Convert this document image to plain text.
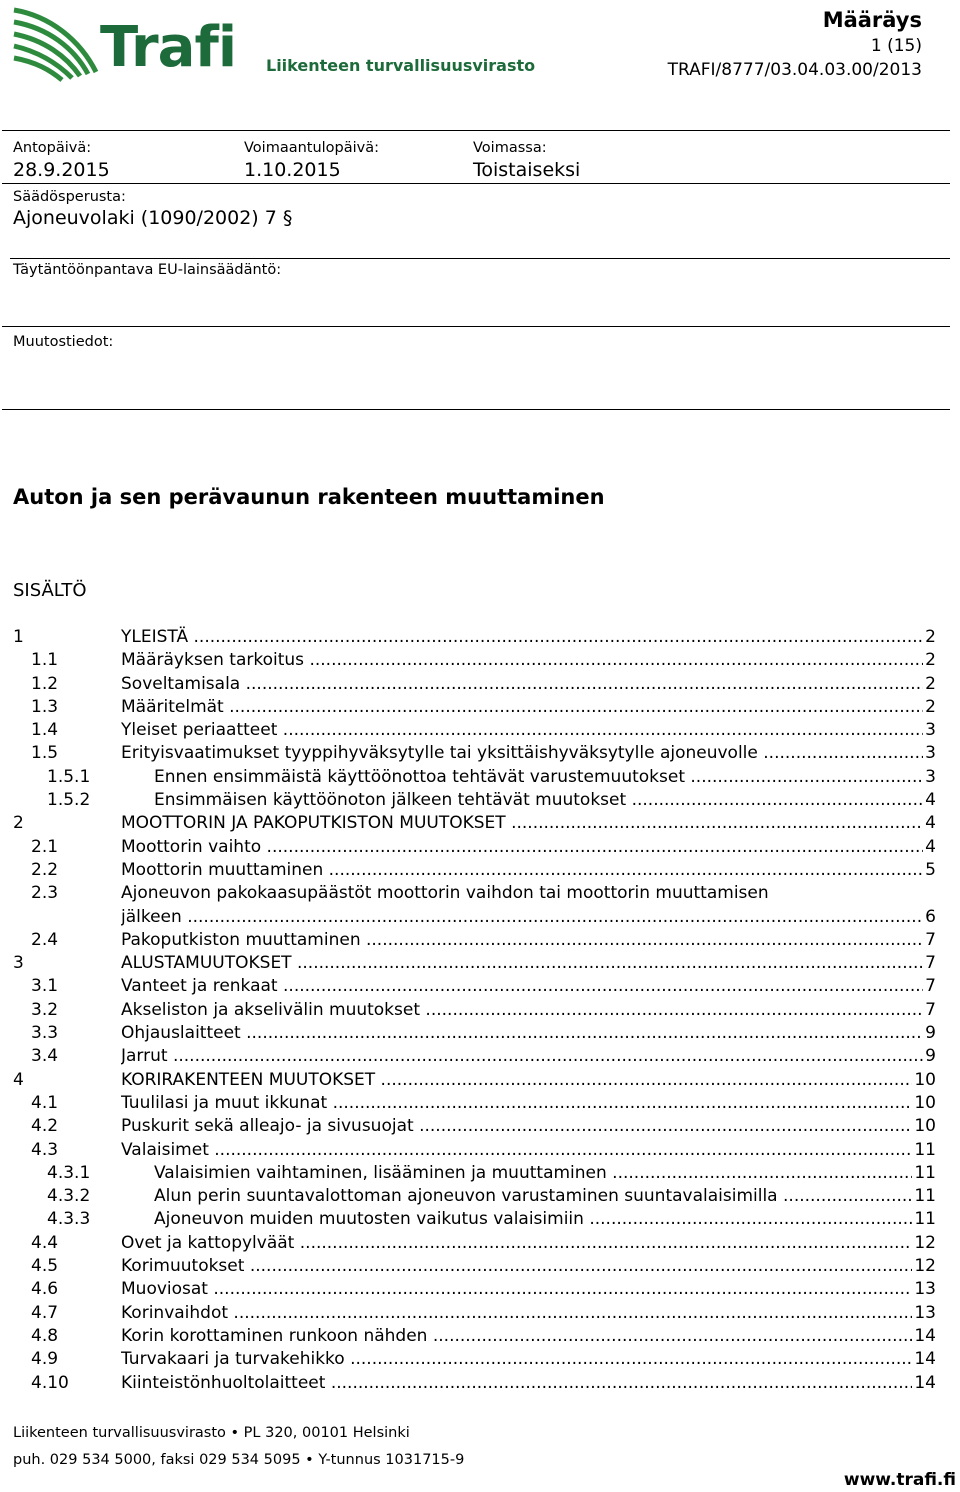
Trafi Liikenteen turvallisuusvirasto
Määräys
1 (15)
TRAFI/8777/03.04.03.00/2013
Antopäivä:
28.9.2015
Voimaantulopäivä:
1.10.2015
Voimassa:
Toistaiseksi
Säädösperusta:
Ajoneuvolaki (1090/2002) 7 §
Täytäntöönpantava EU-lainsäädäntö:
Muutostiedot:
Auton ja sen perävaunun rakenteen muuttaminen
SISÄLTÖ
1	YLEISTÄ .....	2
1.1	Määräyksen tarkoitus .....	2
1.2	Soveltamisala .....	2
1.3	Määritelmät .....	2
1.4	Yleiset periaatteet .....	3
1.5	Erityisvaatimukset tyyppihyväksytylle tai yksittäishyväksytylle ajoneuvolle .....	3
1.5.1	Ennen ensimmäistä käyttöönottoa tehtävät varustemuutokset .....	3
1.5.2	Ensimmäisen käyttöönoton jälkeen tehtävät muutokset .....	4
2	MOOTTORIN JA PAKOPUTKISTON MUUTOKSET .....	4
2.1	Moottorin vaihto .....	4
2.2	Moottorin muuttaminen .....	5
2.3	Ajoneuvon pakokaasupäästöt moottorin vaihdon tai moottorin muuttamisen
jälkeen .....	6
2.4	Pakoputkiston muuttaminen .....	7
3	ALUSTAMUUTOKSET .....	7
3.1	Vanteet ja renkaat .....	7
3.2	Akseliston ja akselivälin muutokset .....	7
3.3	Ohjauslaitteet .....	9
3.4	Jarrut .....	9
4	KORIRAKENTEEN MUUTOKSET .....	10
4.1	Tuulilasi ja muut ikkunat .....	10
4.2	Puskurit sekä alleajo- ja sivusuojat .....	10
4.3	Valaisimet .....	11
4.3.1	Valaisimien vaihtaminen, lisääminen ja muuttaminen .....	11
4.3.2	Alun perin suuntavalottoman ajoneuvon varustaminen suuntavalaisimilla .....	11
4.3.3	Ajoneuvon muiden muutosten vaikutus valaisimiin .....	11
4.4	Ovet ja kattopylväät .....	12
4.5	Korimuutokset .....	12
4.6	Muoviosat .....	13
4.7	Korinvaihdot .....	13
4.8	Korin korottaminen runkoon nähden .....	14
4.9	Turvakaari ja turvakehikko .....	14
4.10	Kiinteistönhuoltolaitteet .....	14
Liikenteen turvallisuusvirasto • PL 320, 00101 Helsinki
puh. 029 534 5000, faksi 029 534 5095 • Y-tunnus 1031715-9
www.trafi.fi
